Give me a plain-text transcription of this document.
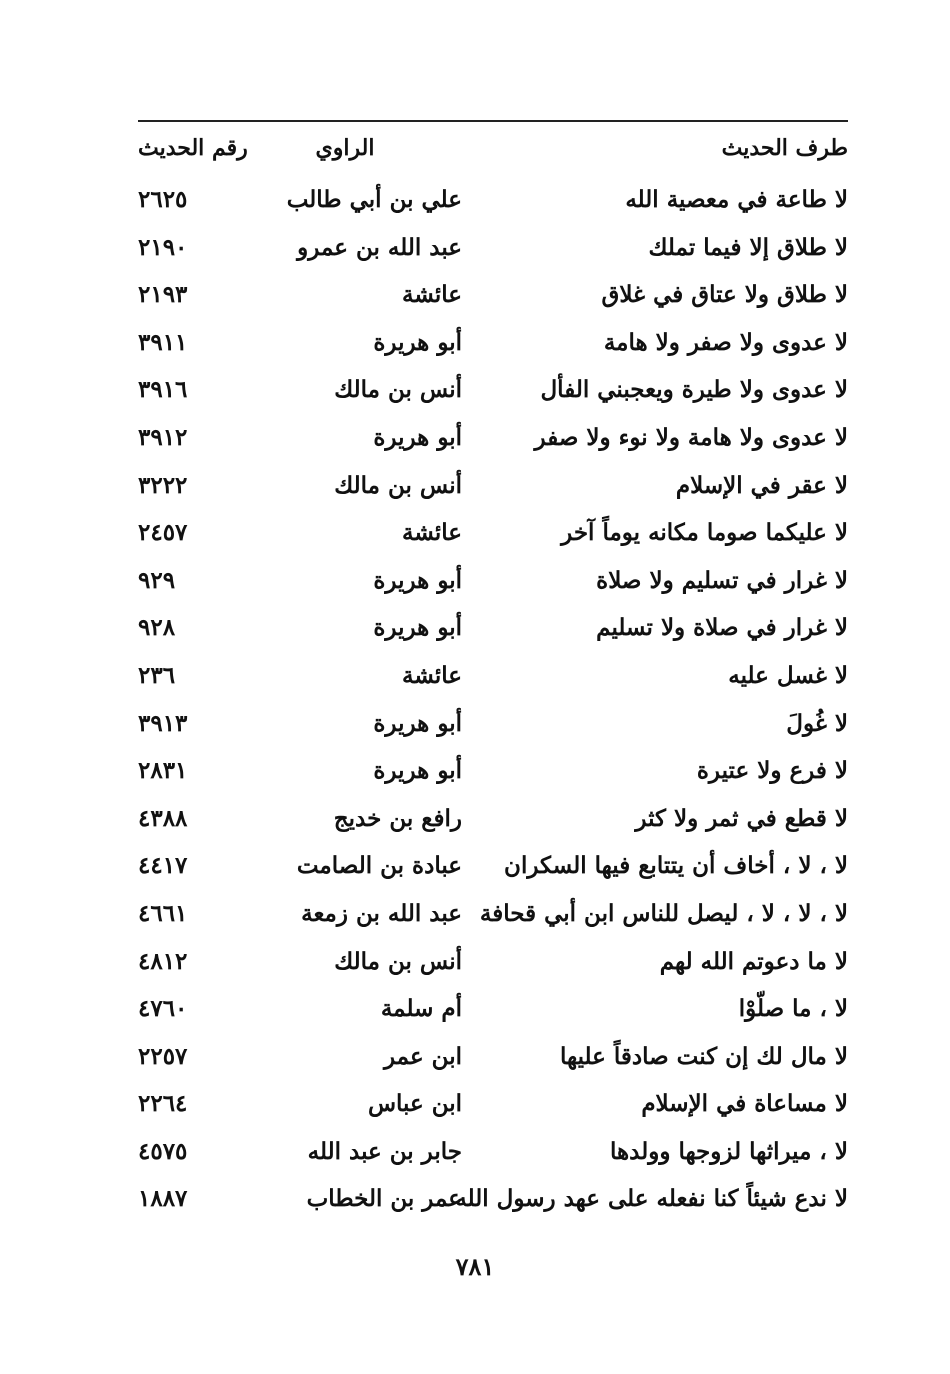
طرف الحديث
الراوي
رقم الحديث
لا طاعة في معصية الله
علي بن أبي طالب
٢٦٢٥
لا طلاق إلا فيما تملك
عبد الله بن عمرو
٢١٩٠
لا طلاق ولا عتاق في غلاق
عائشة
٢١٩٣
لا عدوى ولا صفر ولا هامة
أبو هريرة
٣٩١١
لا عدوى ولا طيرة ويعجبني الفأل
أنس بن مالك
٣٩١٦
لا عدوى ولا هامة ولا نوء ولا صفر
أبو هريرة
٣٩١٢
لا عقر في الإسلام
أنس بن مالك
٣٢٢٢
لا عليكما صوما مكانه يوماً آخر
عائشة
٢٤٥٧
لا غرار في تسليم ولا صلاة
أبو هريرة
٩٢٩
لا غرار في صلاة ولا تسليم
أبو هريرة
٩٢٨
لا غسل عليه
عائشة
٢٣٦
لا غُولَ
أبو هريرة
٣٩١٣
لا فرع ولا عتيرة
أبو هريرة
٢٨٣١
لا قطع في ثمر ولا كثر
رافع بن خديج
٤٣٨٨
لا ، لا ، أخاف أن يتتابع فيها السكران
عبادة بن الصامت
٤٤١٧
لا ، لا ، لا ، ليصل للناس ابن أبي قحافة
عبد الله بن زمعة
٤٦٦١
لا ما دعوتم الله لهم
أنس بن مالك
٤٨١٢
لا ، ما صلّوْا
أم سلمة
٤٧٦٠
لا مال لك إن كنت صادقاً عليها
ابن عمر
٢٢٥٧
لا مساعاة في الإسلام
ابن عباس
٢٢٦٤
لا ، ميراثها لزوجها وولدها
جابر بن عبد الله
٤٥٧٥
لا ندع شيئاً كنا نفعله على عهد رسول الله
عمر بن الخطاب
١٨٨٧
٧٨١
